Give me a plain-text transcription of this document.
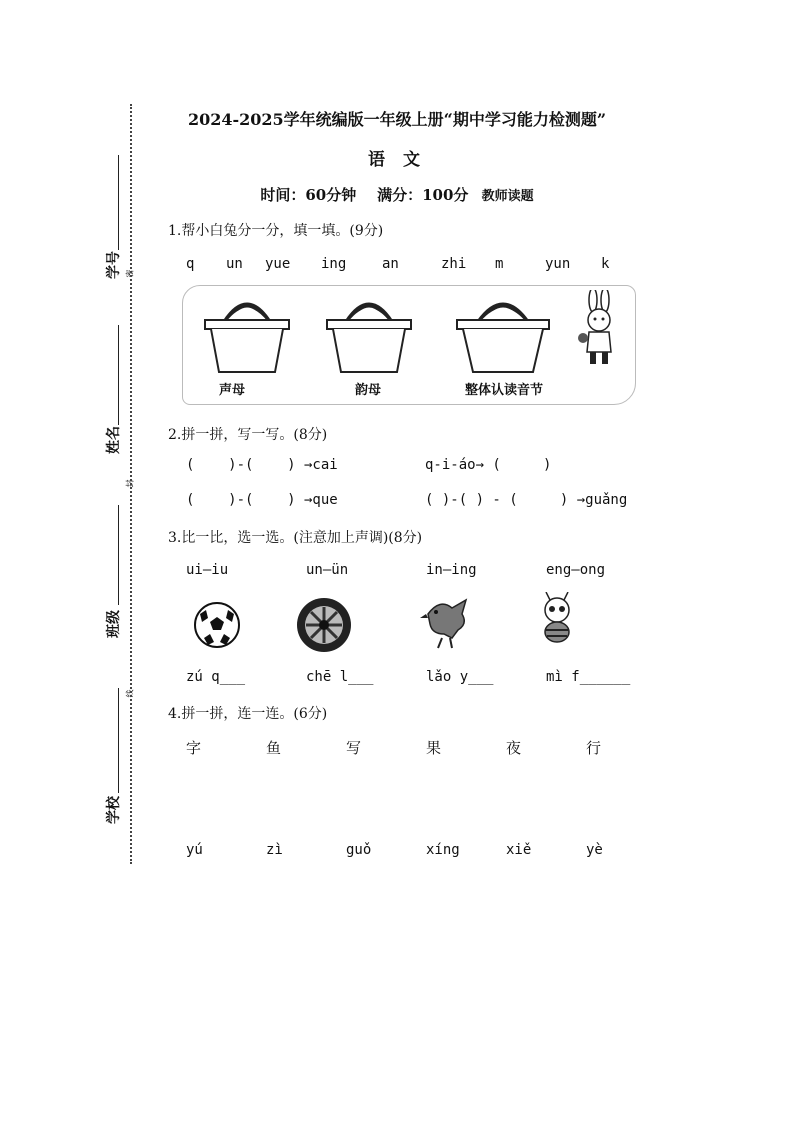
学号 密
姓名
封
班级
线
学校
2024-2025学年统编版一年级上册“期中学习能力检测题”
语 文
时间：60分钟    满分：100分 教师读题
1.帮小白兔分一分，填一填。(9分)
q un yue ing	an	zhi m	yun k
声母	韵母	整体认读音节
2.拼一拼，写一写。(8分)
(    )-(    ) →cai	q-i-áo→ (     )
(    )-(    ) →que	( )-( ) - (     ) →guǎng
3.比一比，选一选。(注意加上声调)(8分)
ui—iu	un—ün	in—ing	eng—ong
zú q___	chē l___	lǎo y___	mì f______
4.拼一拼，连一连。(6分)
字	鱼	写	果	夜	行
yú	zì	guǒ	xíng	xiě	yè
